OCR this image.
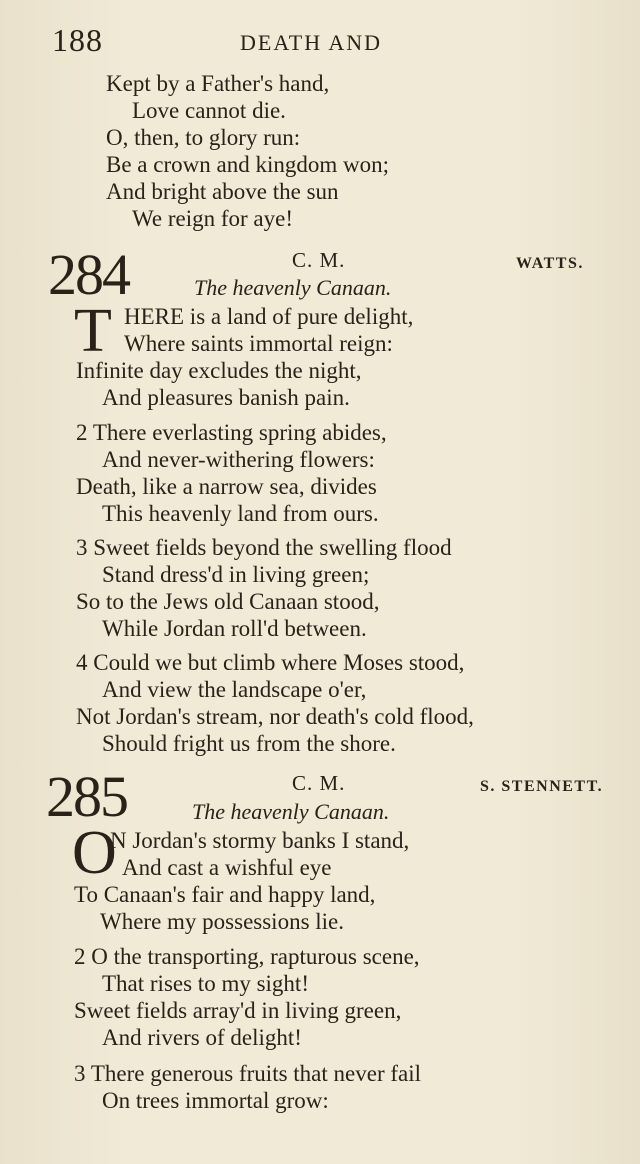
188	DEATH AND
Kept by a Father's hand,
Love cannot die.
O, then, to glory run:
Be a crown and kingdom won;
And bright above the sun
We reign for aye!
284	C. M.	WATTS.
The heavenly Canaan.
T HERE is a land of pure delight,
Where saints immortal reign:
Infinite day excludes the night,
And pleasures banish pain.
2 There everlasting spring abides,
And never-withering flowers:
Death, like a narrow sea, divides
This heavenly land from ours.
3 Sweet fields beyond the swelling flood
Stand dress'd in living green;
So to the Jews old Canaan stood,
While Jordan roll'd between.
4 Could we but climb where Moses stood,
And view the landscape o'er,
Not Jordan's stream, nor death's cold flood,
Should fright us from the shore.
285	C. M.	S. STENNETT.
The heavenly Canaan.
O
N Jordan's stormy banks I stand,
And cast a wishful eye
To Canaan's fair and happy land,
Where my possessions lie.
2 O the transporting, rapturous scene,
That rises to my sight!
Sweet fields array'd in living green,
And rivers of delight!
3 There generous fruits that never fail
On trees immortal grow:
